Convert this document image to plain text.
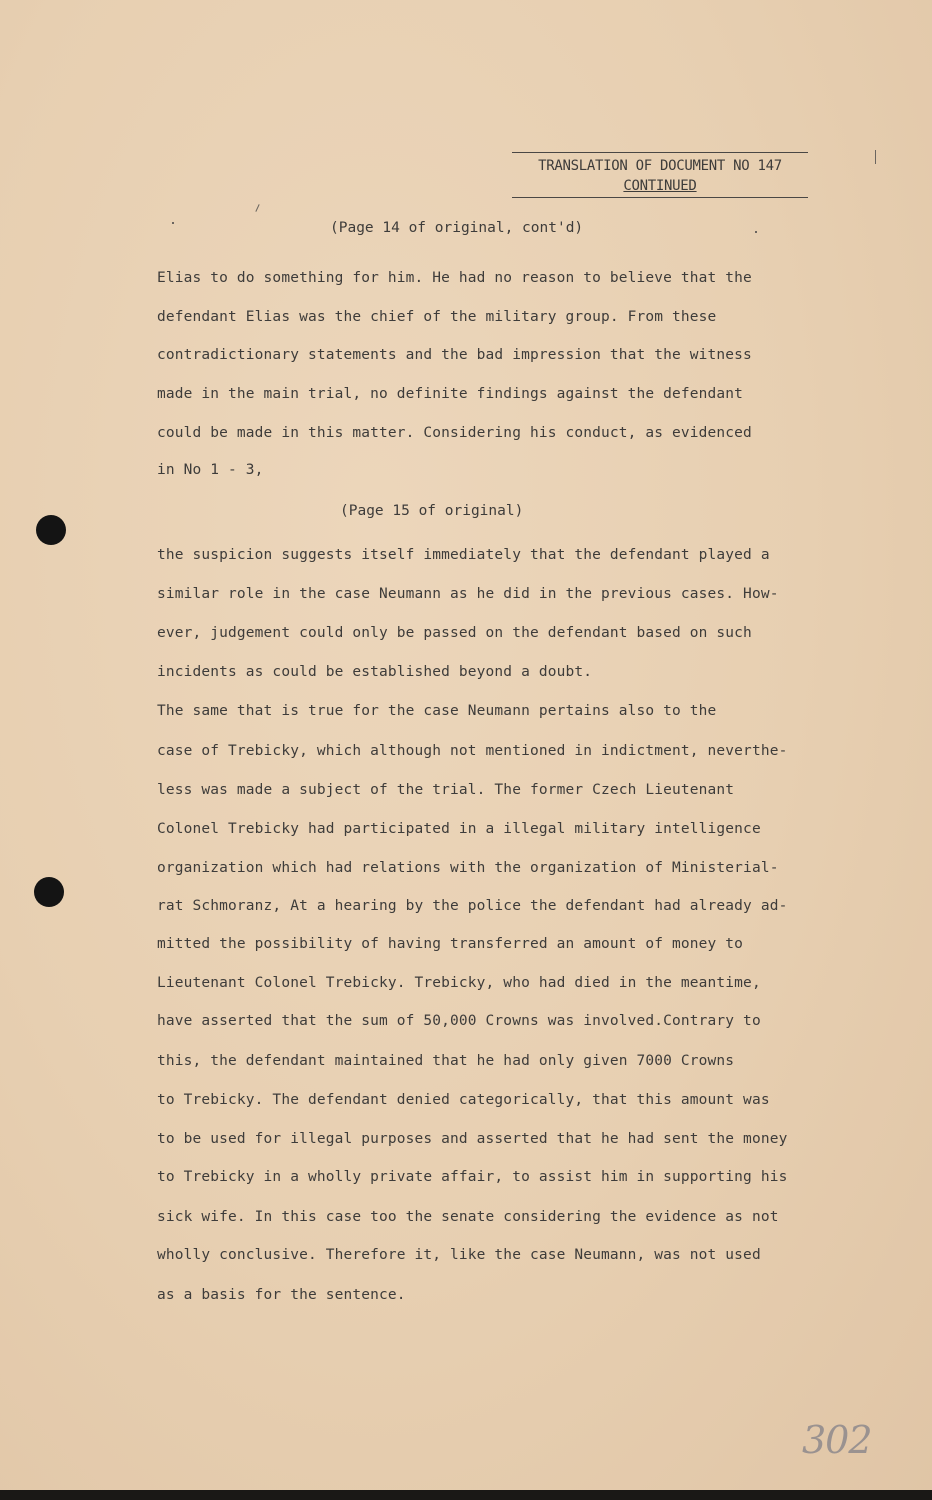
TRANSLATION OF DOCUMENT NO 147
CONTINUED
(Page 14 of original, cont'd)
Elias to do something for him. He had no reason to believe that the
defendant Elias was the chief of the military group. From these
contradictionary statements and the bad impression that the witness
made in the main trial, no definite findings against the defendant
could be made in this matter. Considering his conduct, as evidenced
in No 1 - 3,
(Page 15 of original)
the suspicion suggests itself immediately that the defendant played a
similar role in the case Neumann as he did in the previous cases. How-
ever, judgement could only be passed on the defendant based on such
incidents as could be established beyond a doubt.
The same that is true for the case Neumann pertains also to the
case of Trebicky, which although not mentioned in indictment, neverthe-
less was made a subject of the trial. The former Czech Lieutenant
Colonel Trebicky had participated in a illegal military intelligence
organization which had relations with the organization of Ministerial-
rat Schmoranz, At a hearing by the police the defendant had already ad-
mitted the possibility of having transferred an amount of money to
Lieutenant Colonel Trebicky. Trebicky, who had died in the meantime,
have asserted that the sum of 50,000 Crowns was involved.Contrary to
this, the defendant maintained that he had only given 7000 Crowns
to Trebicky. The defendant denied categorically, that this amount was
to be used for illegal purposes and asserted that he had sent the money
to Trebicky in a wholly private affair, to assist him in supporting his
sick wife. In this case too the senate considering the evidence as not
wholly conclusive. Therefore it, like the case Neumann, was not used
as a basis for the sentence.
302
